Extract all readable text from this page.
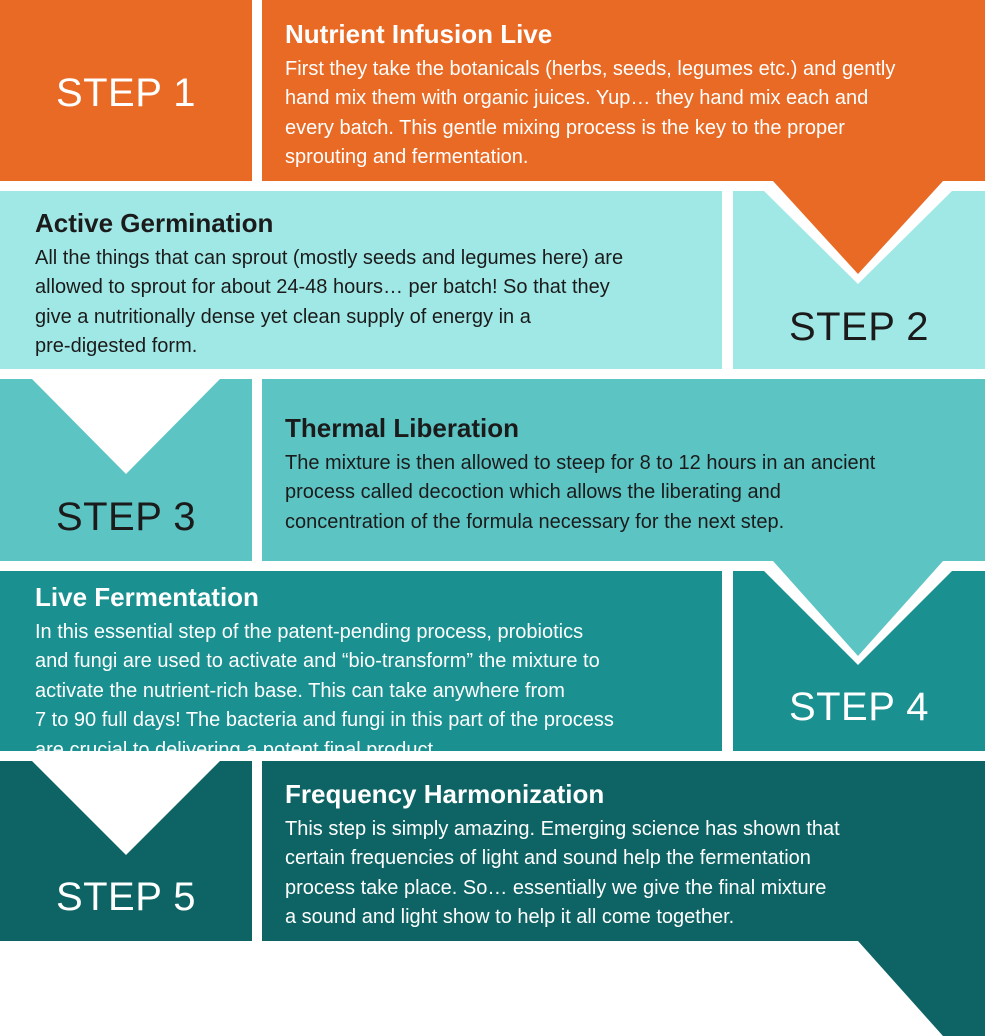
STEP 1
Nutrient Infusion Live

First they take the botanicals (herbs, seeds, legumes etc.) and gently
hand mix them with organic juices. Yup… they hand mix each and
every batch. This gentle mixing process is the key to the proper
sprouting and fermentation.

Active Germination

All the things that can sprout (mostly seeds and legumes here) are
allowed to sprout for about 24-48 hours… per batch! So that they
give a nutritionally dense yet clean supply of energy in a
pre-digested form.	STEP 2
STEP 3
Thermal Liberation

The mixture is then allowed to steep for 8 to 12 hours in an ancient
process called decoction which allows the liberating and
concentration of the formula necessary for the next step.

Live Fermentation

In this essential step of the patent-pending process, probiotics
and fungi are used to activate and “bio-transform” the mixture to
activate the nutrient-rich base. This can take anywhere from
7 to 90 full days! The bacteria and fungi in this part of the process
are crucial to delivering a potent final product.

STEP 4
STEP 5
Frequency Harmonization

This step is simply amazing. Emerging science has shown that
certain frequencies of light and sound help the fermentation
process take place. So… essentially we give the final mixture
a sound and light show to help it all come together.
